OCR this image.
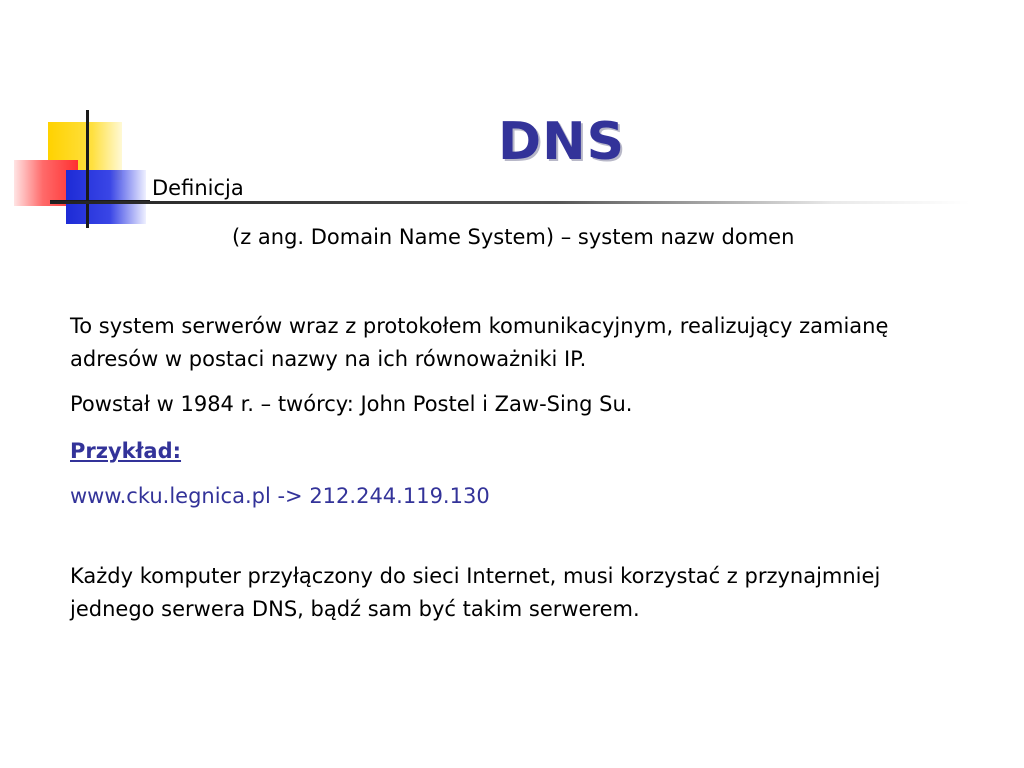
DNS
Definicja
(z ang. Domain Name System) – system nazw domen
To system serwerów wraz z protokołem komunikacyjnym, realizujący zamianę adresów w postaci nazwy na ich równoważniki IP.
Powstał w 1984 r. – twórcy: John Postel i Zaw-Sing Su.
Przykład:
www.cku.legnica.pl -> 212.244.119.130
Każdy komputer przyłączony do sieci Internet, musi korzystać z przynajmniej jednego serwera DNS, bądź sam być takim serwerem.
